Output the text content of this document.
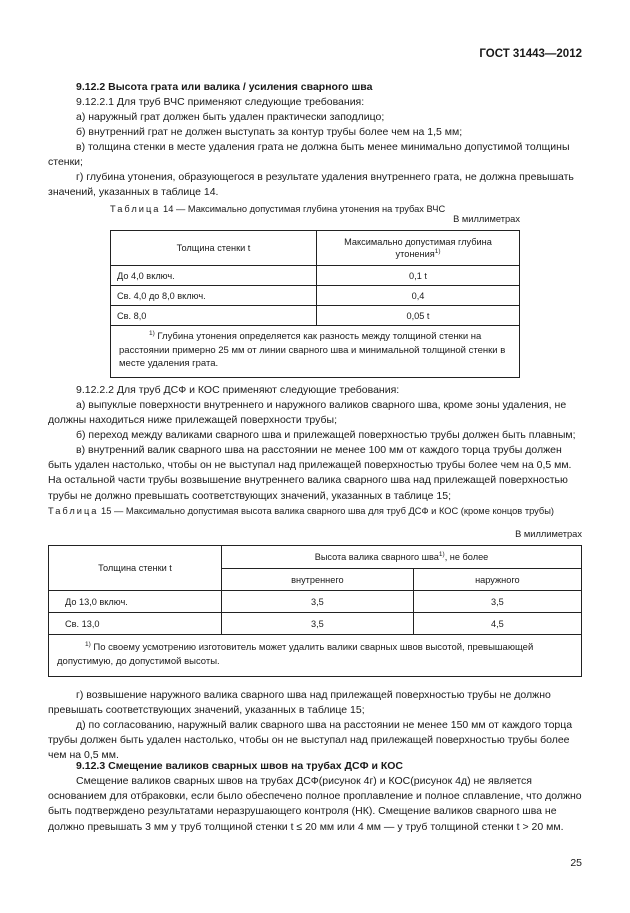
ГОСТ 31443—2012
9.12.2 Высота грата или валика / усиления сварного шва
9.12.2.1 Для труб ВЧС применяют следующие требования:
а) наружный грат должен быть удален практически заподлицо;
б) внутренний грат не должен выступать за контур трубы более чем на 1,5 мм;
в) толщина стенки в месте удаления грата не должна быть менее минимально допустимой толщины стенки;
г) глубина утонения, образующегося в результате удаления внутреннего грата, не должна превышать значений, указанных в таблице 14.
Таблица 14 — Максимально допустимая глубина утонения на трубах ВЧС
В миллиметрах
Толщина стенки t	Максимально допустимая глубина утонения$^{1)}$

До 4,0 включ.	0,1 t
Св. 4,0 до 8,0 включ.	0,4
Св. 8,0	0,05 t
$^{1)}$ Глубина утонения определяется как разность между толщиной стенки на расстоянии примерно 25 мм от линии сварного шва и минимальной толщиной стенки в месте удаления грата.	
9.12.2.2 Для труб ДСФ и КОС применяют следующие требования:
а) выпуклые поверхности внутреннего и наружного валиков сварного шва, кроме зоны удаления, не должны находиться ниже прилежащей поверхности трубы;
б) переход между валиками сварного шва и прилежащей поверхностью трубы должен быть плавным;
в) внутренний валик сварного шва на расстоянии не менее 100 мм от каждого торца трубы должен быть удален настолько, чтобы он не выступал над прилежащей поверхностью трубы более чем на 0,5 мм. На остальной части трубы возвышение внутреннего валика сварного шва над прилежащей поверхностью трубы не должно превышать соответствующих значений, указанных в таблице 15;
Таблица 15 — Максимально допустимая высота валика сварного шва для труб ДСФ и КОС (кроме концов трубы)
В миллиметрах
Толщина стенки t	Высота валика сварного шва$^{1)}$, не более	
	внутреннего	наружного
До 13,0 включ.	3,5	3,5
Св. 13,0	3,5	4,5
$^{1)}$ По своему усмотрению изготовитель может удалить валики сварных швов высотой, превышающей допустимую, до допустимой высоты.		
г) возвышение наружного валика сварного шва над прилежащей поверхностью трубы не должно превышать соответствующих значений, указанных в таблице 15;
д) по согласованию, наружный валик сварного шва на расстоянии не менее 150 мм от каждого торца трубы должен быть удален настолько, чтобы он не выступал над прилежащей поверхностью трубы более чем на 0,5 мм.
9.12.3 Смещение валиков сварных швов на трубах ДСФ и КОС
Смещение валиков сварных швов на трубах ДСФ(рисунок 4г) и КОС(рисунок 4д) не является основанием для отбраковки, если было обеспечено полное проплавление и полное сплавление, что должно быть подтверждено результатами неразрушающего контроля (НК). Смещение валиков сварного шва не должно превышать 3 мм у труб толщиной стенки t ≤ 20 мм или 4 мм — у труб толщиной стенки t > 20 мм.
25
